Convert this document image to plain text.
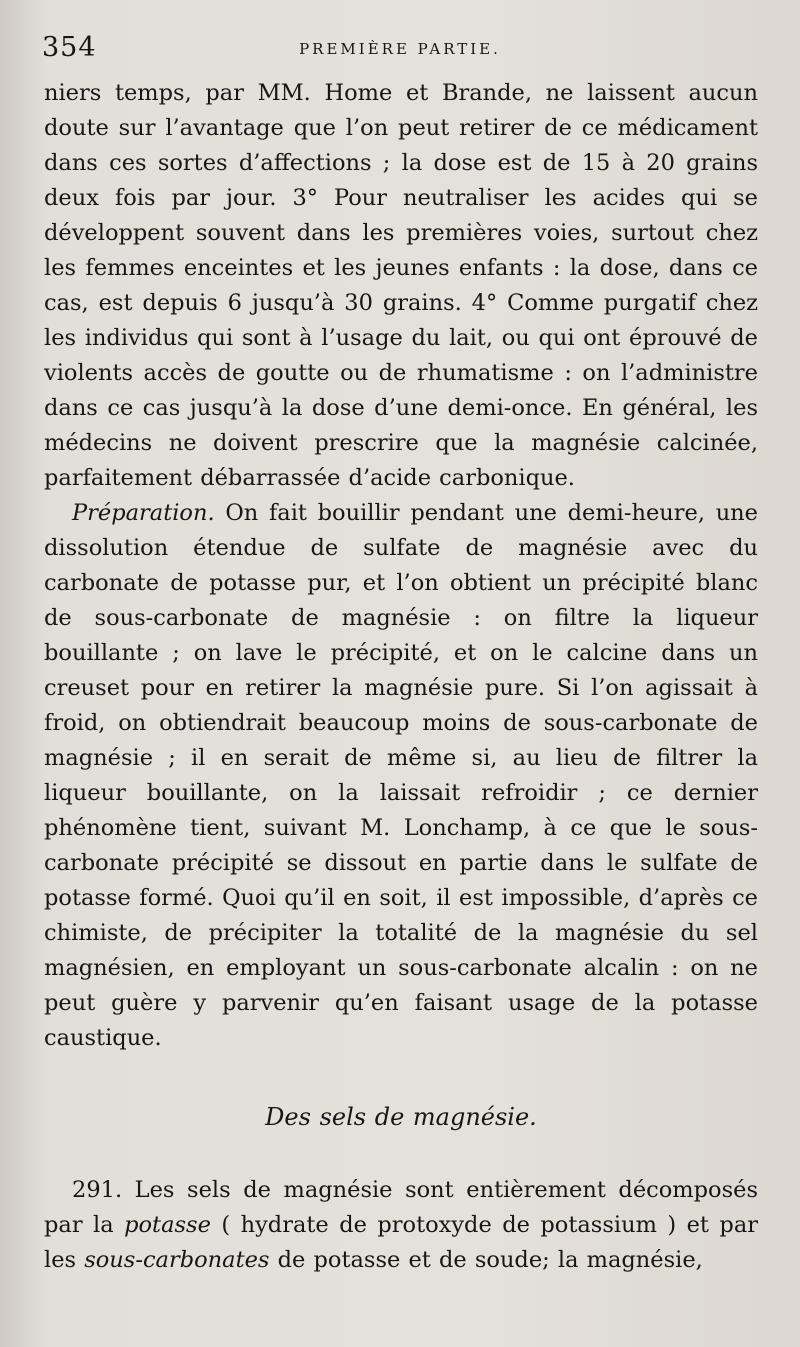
354	PREMIÈRE PARTIE.

niers temps, par MM. Home et Brande, ne laissent aucun doute sur l’avantage que l’on peut retirer de ce médicament dans ces sortes d’affections ; la dose est de 15 à 20 grains deux fois par jour. 3° Pour neutraliser les acides qui se développent souvent dans les premières voies, surtout chez les femmes enceintes et les jeunes enfants : la dose, dans ce cas, est depuis 6 jusqu’à 30 grains. 4° Comme purgatif chez les individus qui sont à l’usage du lait, ou qui ont éprouvé de violents accès de goutte ou de rhumatisme : on l’administre dans ce cas jusqu’à la dose d’une demi-once. En général, les médecins ne doivent prescrire que la magnésie calcinée, parfaitement débarrassée d’acide carbonique.

Préparation. On fait bouillir pendant une demi-heure, une dissolution étendue de sulfate de magnésie avec du carbonate de potasse pur, et l’on obtient un précipité blanc de sous-carbonate de magnésie : on filtre la liqueur bouillante ; on lave le précipité, et on le calcine dans un creuset pour en retirer la magnésie pure. Si l’on agissait à froid, on obtiendrait beaucoup moins de sous-carbonate de magnésie ; il en serait de même si, au lieu de filtrer la liqueur bouillante, on la laissait refroidir ; ce dernier phénomène tient, suivant M. Lonchamp, à ce que le sous-carbonate précipité se dissout en partie dans le sulfate de potasse formé. Quoi qu’il en soit, il est impossible, d’après ce chimiste, de précipiter la totalité de la magnésie du sel magnésien, en employant un sous-carbonate alcalin : on ne peut guère y parvenir qu’en faisant usage de la potasse caustique.

Des sels de magnésie.

291. Les sels de magnésie sont entièrement décomposés par la potasse ( hydrate de protoxyde de potassium ) et par les sous-carbonates de potasse et de soude; la magnésie,
